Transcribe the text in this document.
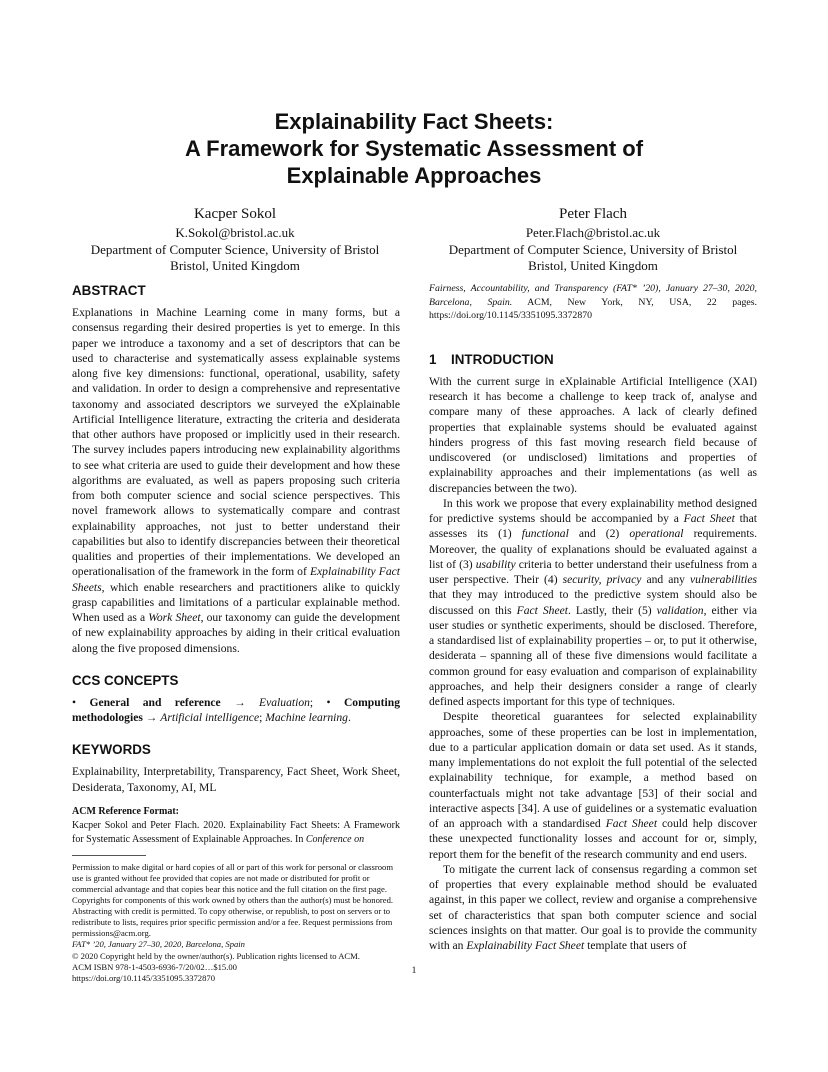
Explainability Fact Sheets:
A Framework for Systematic Assessment of
Explainable Approaches
Kacper Sokol
K.Sokol@bristol.ac.uk
Department of Computer Science, University of Bristol
Bristol, United Kingdom
Peter Flach
Peter.Flach@bristol.ac.uk
Department of Computer Science, University of Bristol
Bristol, United Kingdom
ABSTRACT

Explanations in Machine Learning come in many forms, but a consensus regarding their desired properties is yet to emerge. In this paper we introduce a taxonomy and a set of descriptors that can be used to characterise and systematically assess explainable systems along five key dimensions: functional, operational, usability, safety and validation. In order to design a comprehensive and representative taxonomy and associated descriptors we surveyed the eXplainable Artificial Intelligence literature, extracting the criteria and desiderata that other authors have proposed or implicitly used in their research. The survey includes papers introducing new explainability algorithms to see what criteria are used to guide their development and how these algorithms are evaluated, as well as papers proposing such criteria from both computer science and social science perspectives. This novel framework allows to systematically compare and contrast explainability approaches, not just to better understand their capabilities but also to identify discrepancies between their theoretical qualities and properties of their implementations. We developed an operationalisation of the framework in the form of Explainability Fact Sheets, which enable researchers and practitioners alike to quickly grasp capabilities and limitations of a particular explainable method. When used as a Work Sheet, our taxonomy can guide the development of new explainability approaches by aiding in their critical evaluation along the five proposed dimensions.

CCS CONCEPTS

• General and reference → Evaluation; • Computing methodologies → Artificial intelligence; Machine learning.

KEYWORDS

Explainability, Interpretability, Transparency, Fact Sheet, Work Sheet, Desiderata, Taxonomy, AI, ML

ACM Reference Format:

Kacper Sokol and Peter Flach. 2020. Explainability Fact Sheets: A Framework for Systematic Assessment of Explainable Approaches. In Conference on

Permission to make digital or hard copies of all or part of this work for personal or classroom use is granted without fee provided that copies are not made or distributed for profit or commercial advantage and that copies bear this notice and the full citation on the first page. Copyrights for components of this work owned by others than the author(s) must be honored. Abstracting with credit is permitted. To copy otherwise, or republish, to post on servers or to redistribute to lists, requires prior specific permission and/or a fee. Request permissions from permissions@acm.org.

FAT* ’20, January 27–30, 2020, Barcelona, Spain

© 2020 Copyright held by the owner/author(s). Publication rights licensed to ACM.

ACM ISBN 978-1-4503-6936-7/20/02…$15.00

https://doi.org/10.1145/3351095.3372870

Fairness, Accountability, and Transparency (FAT* ’20), January 27–30, 2020, Barcelona, Spain. ACM, New York, NY, USA, 22 pages. https://doi.org/10.1145/3351095.3372870

1 INTRODUCTION

With the current surge in eXplainable Artificial Intelligence (XAI) research it has become a challenge to keep track of, analyse and compare many of these approaches. A lack of clearly defined properties that explainable systems should be evaluated against hinders progress of this fast moving research field because of undiscovered (or undisclosed) limitations and properties of explainability approaches and their implementations (as well as discrepancies between the two).

In this work we propose that every explainability method designed for predictive systems should be accompanied by a Fact Sheet that assesses its (1) functional and (2) operational requirements. Moreover, the quality of explanations should be evaluated against a list of (3) usability criteria to better understand their usefulness from a user perspective. Their (4) security, privacy and any vulnerabilities that they may introduced to the predictive system should also be discussed on this Fact Sheet. Lastly, their (5) validation, either via user studies or synthetic experiments, should be disclosed. Therefore, a standardised list of explainability properties – or, to put it otherwise, desiderata – spanning all of these five dimensions would facilitate a common ground for easy evaluation and comparison of explainability approaches, and help their designers consider a range of clearly defined aspects important for this type of techniques.

Despite theoretical guarantees for selected explainability approaches, some of these properties can be lost in implementation, due to a particular application domain or data set used. As it stands, many implementations do not exploit the full potential of the selected explainability technique, for example, a method based on counterfactuals might not take advantage [53] of their social and interactive aspects [34]. A use of guidelines or a systematic evaluation of an approach with a standardised Fact Sheet could help discover these unexpected functionality losses and account for or, simply, report them for the benefit of the research community and end users.

To mitigate the current lack of consensus regarding a common set of properties that every explainable method should be evaluated against, in this paper we collect, review and organise a comprehensive set of characteristics that span both computer science and social sciences insights on that matter. Our goal is to provide the community with an Explainability Fact Sheet template that users of

1
